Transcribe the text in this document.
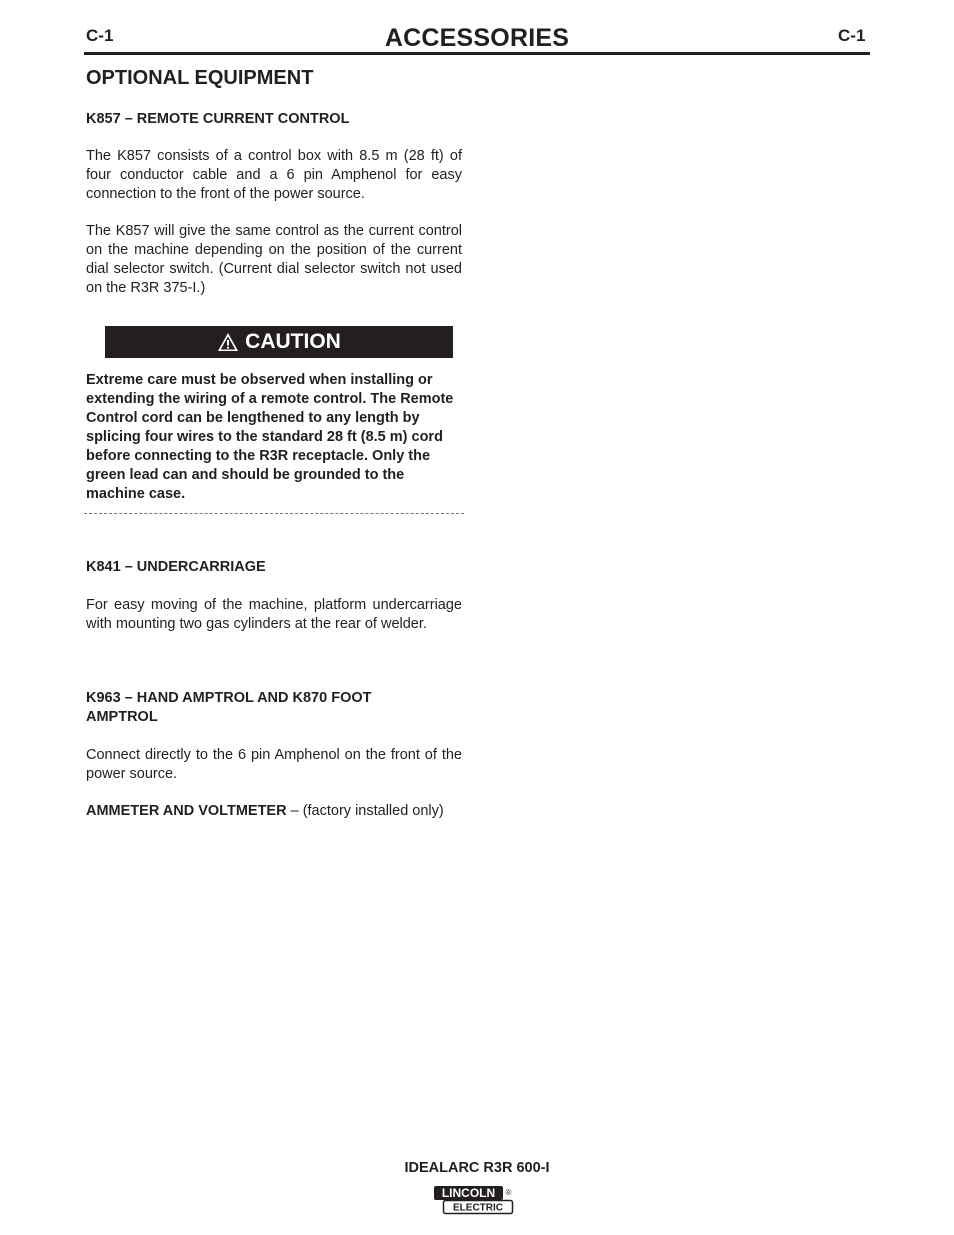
C-1	ACCESSORIES	C-1
OPTIONAL EQUIPMENT
K857 – REMOTE CURRENT CONTROL
The K857 consists of a control box with 8.5 m (28 ft) of four conductor cable and a 6 pin Amphenol for easy connection to the front of the power source.
The K857 will give the same control as the current control on the machine depending on the position of the current dial selector switch. (Current dial selector switch not used on the R3R 375-I.)
CAUTION
Extreme care must be observed when installing or extending the wiring of a remote control. The Remote Control cord can be lengthened to any length by splicing four wires to the standard 28 ft (8.5 m) cord before connecting to the R3R receptacle. Only the green lead can and should be grounded to the machine case.
K841 – UNDERCARRIAGE
For easy moving of the machine, platform undercarriage with mounting two gas cylinders at the rear of welder.
K963 – HAND AMPTROL AND K870 FOOT AMPTROL
Connect directly to the 6 pin Amphenol on the front of the power source.
AMMETER AND VOLTMETER – (factory installed only)
IDEALARC R3R 600-I
LINCOLN
ELECTRIC
®
